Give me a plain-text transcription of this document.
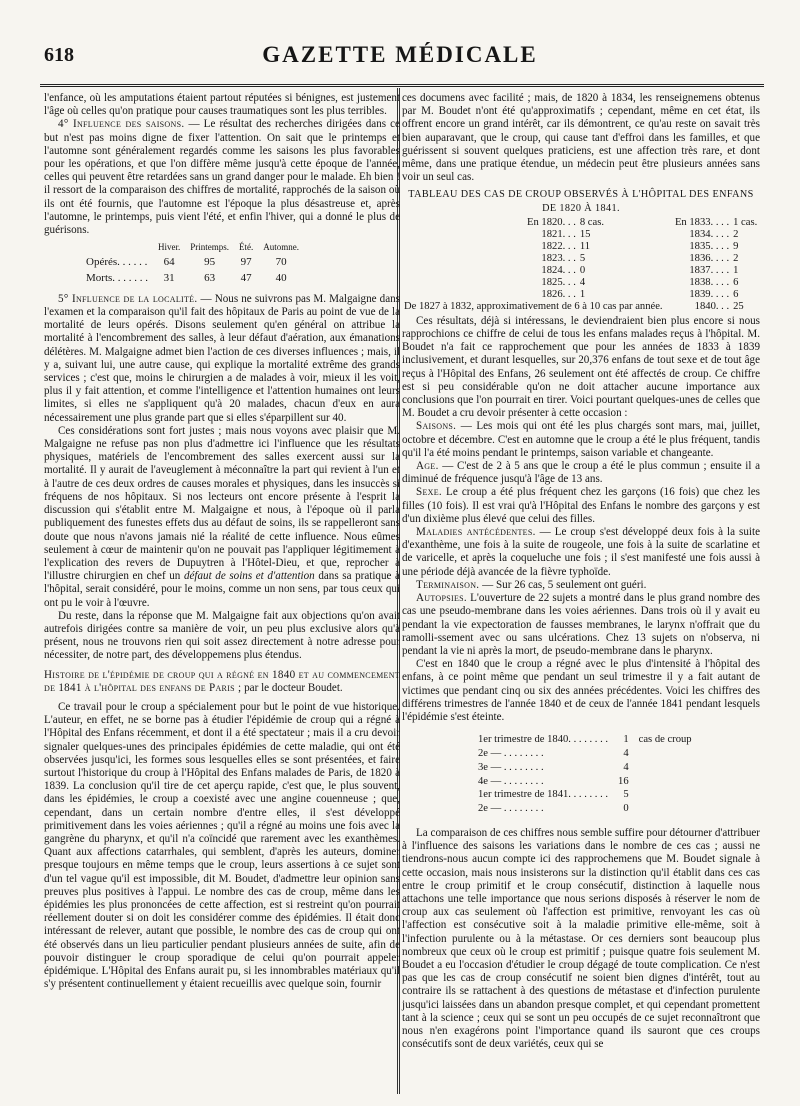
618	GAZETTE MÉDICALE

l'enfance, où les amputations étaient partout réputées si bénignes, est justement l'âge où celles qu'on pratique pour causes traumatiques sont les plus terribles.

4° Influence des saisons. — Le résultat des recherches dirigées dans ce but n'est pas moins digne de fixer l'attention. On sait que le printemps et l'automne sont généralement regardés comme les saisons les plus favorables pour les opérations, et que l'on diffère même jusqu'à cette époque de l'année, celles qui peuvent être retardées sans un grand danger pour le malade. Eh bien ! il ressort de la comparaison des chiffres de mortalité, rapprochés de la saison où ils ont été fournis, que l'automne est l'époque la plus désastreuse et, après l'automne, le printemps, puis vient l'été, et enfin l'hiver, qui a donné le plus de guérisons.

	Hiver.	Printemps.	Été.	Automne.
Opérés. . . . . .	64	95	97	70
Morts. . . . . . .	31	63	47	40

5° Influence de la localité. — Nous ne suivrons pas M. Malgaigne dans l'examen et la comparaison qu'il fait des hôpitaux de Paris au point de vue de la mortalité de leurs opérés. Disons seulement qu'en général on attribue la mortalité à l'encombrement des salles, à leur défaut d'aération, aux émanations délétères. M. Malgaigne admet bien l'action de ces diverses influences ; mais, il y a, suivant lui, une autre cause, qui explique la mortalité extrême des grands services ; c'est que, moins le chirurgien a de malades à voir, mieux il les voit, plus il y fait attention, et comme l'intelligence et l'attention humaines ont leurs limites, si elles ne s'appliquent qu'à 20 malades, chacun d'eux en aura nécessairement une plus grande part que si elles s'éparpillent sur 40.

Ces considérations sont fort justes ; mais nous voyons avec plaisir que M. Malgaigne ne refuse pas non plus d'admettre ici l'influence que les résultats physiques, matériels de l'encombrement des salles exercent aussi sur la mortalité. Il y aurait de l'aveuglement à méconnaître la part qui revient à l'un et à l'autre de ces deux ordres de causes morales et physiques, dans les insuccès si fréquens de nos hôpitaux. Si nos lecteurs ont encore présente à l'esprit la discussion qui s'établit entre M. Malgaigne et nous, à l'époque où il parla publiquement des funestes effets dus au défaut de soins, ils se rappelleront sans doute que nous n'avons jamais nié la réalité de cette influence. Nous eûmes seulement à cœur de maintenir qu'on ne pouvait pas l'appliquer légitimement à l'explication des revers de Dupuytren à l'Hôtel-Dieu, et que, reprocher à l'illustre chirurgien en chef un défaut de soins et d'attention dans sa pratique à l'hôpital, serait considéré, pour le moins, comme un non sens, par tous ceux qui ont pu le voir à l'œuvre.

Du reste, dans la réponse que M. Malgaigne fait aux objections qu'on avait autrefois dirigées contre sa manière de voir, un peu plus exclusive alors qu'à présent, nous ne trouvons rien qui soit assez directement à notre adresse pour nécessiter, de notre part, des développemens plus étendus.

Histoire de l'épidémie de croup qui a régné en 1840 et au commencement de 1841 à l'hôpital des enfans de Paris ; par le docteur Boudet.

Ce travail pour le croup a spécialement pour but le point de vue historique. L'auteur, en effet, ne se borne pas à étudier l'épidémie de croup qui a régné à l'Hôpital des Enfans récemment, et dont il a été spectateur ; mais il a cru devoir signaler quelques-unes des principales épidémies de cette maladie, qui ont été observées jusqu'ici, les formes sous lesquelles elles se sont présentées, et faire surtout l'historique du croup à l'Hôpital des Enfans malades de Paris, de 1820 à 1839. La conclusion qu'il tire de cet aperçu rapide, c'est que, le plus souvent, dans les épidémies, le croup a coexisté avec une angine couenneuse ; que, cependant, dans un certain nombre d'entre elles, il s'est développé primitivement dans les voies aériennes ; qu'il a régné au moins une fois avec la gangrène du pharynx, et qu'il n'a coïncidé que rarement avec les exanthèmes. Quant aux affections catarrhales, qui semblent, d'après les auteurs, dominer presque toujours en même temps que le croup, leurs assertions à ce sujet sont d'un tel vague qu'il est impossible, dit M. Boudet, d'admettre leur opinion sans preuves plus positives à l'appui. Le nombre des cas de croup, même dans les épidémies les plus prononcées de cette affection, est si restreint qu'on pourrait réellement douter si on doit les considérer comme des épidémies. Il était donc intéressant de relever, autant que possible, le nombre des cas de croup qui ont été observés dans un lieu particulier pendant plusieurs années de suite, afin de pouvoir distinguer le croup sporadique de celui qu'on pourrait appeler épidémique. L'Hôpital des Enfans aurait pu, si les innombrables matériaux qu'il s'y présentent continuellement y étaient recueillis avec quelque soin, fournir

ces documens avec facilité ; mais, de 1820 à 1834, les renseignemens obtenus par M. Boudet n'ont été qu'approximatifs ; cependant, même en cet état, ils offrent encore un grand intérêt, car ils démontrent, ce qu'au reste on savait très bien auparavant, que le croup, qui cause tant d'effroi dans les familles, et que guérissent si souvent quelques praticiens, est une affection très rare, et dont même, dans une pratique étendue, un médecin peut être plusieurs années sans voir un seul cas.

TABLEAU DES CAS DE CROUP OBSERVÉS À L'HÔPITAL DES ENFANS DE 1820 À 1841.

En 1820. . .	8 cas.	En 1833. . . .	1 cas.
1821. . .	15	1834. . . .	2
1822. . .	11	1835. . . .	9
1823. . .	5	1836. . . .	2
1824. . .	0	1837. . . .	1
1825. . .	4	1838. . . .	6
1826. . .	1	1839. . . .	6
De 1827 à 1832, approximativement de 6 à 10 cas par année.		1840. . .	25

Ces résultats, déjà si intéressans, le deviendraient bien plus encore si nous rapprochions ce chiffre de celui de tous les enfans malades reçus à l'hôpital. M. Boudet n'a fait ce rapprochement que pour les années de 1833 à 1839 inclusivement, et durant lesquelles, sur 20,376 enfans de tout sexe et de tout âge reçus à l'Hôpital des Enfans, 26 seulement ont été affectés de croup. Ce chiffre est si peu considérable qu'on ne doit attacher aucune importance aux conclusions que l'on pourrait en tirer. Voici pourtant quelques-unes de celles que M. Boudet a cru devoir présenter à cette occasion :

Saisons. — Les mois qui ont été les plus chargés sont mars, mai, juillet, octobre et décembre. C'est en automne que le croup a été le plus fréquent, tandis qu'il l'a été moins pendant le printemps, saison variable et changeante.

Age. — C'est de 2 à 5 ans que le croup a été le plus commun ; ensuite il a diminué de fréquence jusqu'à l'âge de 13 ans.

Sexe. Le croup a été plus fréquent chez les garçons (16 fois) que chez les filles (10 fois). Il est vrai qu'à l'Hôpital des Enfans le nombre des garçons y est d'un dixième plus élevé que celui des filles.

Maladies antécédentes. — Le croup s'est développé deux fois à la suite d'exanthème, une fois à la suite de rougeole, une fois à la suite de scarlatine et de varicelle, et après la coqueluche une fois ; il s'est manifesté une fois aussi à une période déjà avancée de la fièvre typhoïde.

Terminaison. — Sur 26 cas, 5 seulement ont guéri.

Autopsies. L'ouverture de 22 sujets a montré dans le plus grand nombre des cas une pseudo-membrane dans les voies aériennes. Dans trois où il y avait eu pendant la vie expectoration de fausses membranes, le larynx n'offrait que du ramolli-ssement avec ou sans ulcérations. Chez 13 sujets on n'observa, ni pendant la vie ni après la mort, de pseudo-membrane dans le pharynx.

C'est en 1840 que le croup a régné avec le plus d'intensité à l'hôpital des enfans, à ce point même que pendant un seul trimestre il y a fait autant de victimes que pendant cinq ou six des années précédentes. Voici les chiffres des différens trimestres de l'année 1840 et de ceux de l'année 1841 pendant lesquels l'épidémie s'est éteinte.

1er trimestre de 1840. . . . . . . .	1	cas de croup
2e — . . . . . . . .	4	
3e — . . . . . . . .	4	
4e — . . . . . . . .	16	
1er trimestre de 1841. . . . . . . .	5	
2e — . . . . . . . .	0	

La comparaison de ces chiffres nous semble suffire pour détourner d'attribuer à l'influence des saisons les variations dans le nombre de ces cas ; aussi ne tiendrons-nous aucun compte ici des rapprochemens que M. Boudet signale à cette occasion, mais nous insisterons sur la distinction qu'il établit dans ces cas entre le croup primitif et le croup consécutif, distinction à laquelle nous attachons une telle importance que nous serions disposés à réserver le nom de croup aux cas seulement où l'affection est primitive, renvoyant les cas où l'affection est consécutive soit à la maladie primitive elle-même, soit à l'infection purulente ou à la métastase. Or ces derniers sont beaucoup plus nombreux que ceux où le croup est primitif ; puisque quatre fois seulement M. Boudet a eu l'occasion d'étudier le croup dégagé de toute complication. Ce n'est pas que les cas de croup consécutif ne soient bien dignes d'intérêt, tout au contraire ils se rattachent à des questions de métastase et d'infection purulente jusqu'ici laissées dans un abandon presque complet, et qui cependant promettent tant à la science ; ceux qui se sont un peu occupés de ce sujet reconnaîtront que nous n'en exagérons point l'importance quand ils sauront que ces croups consécutifs sont de deux variétés, ceux qui se
